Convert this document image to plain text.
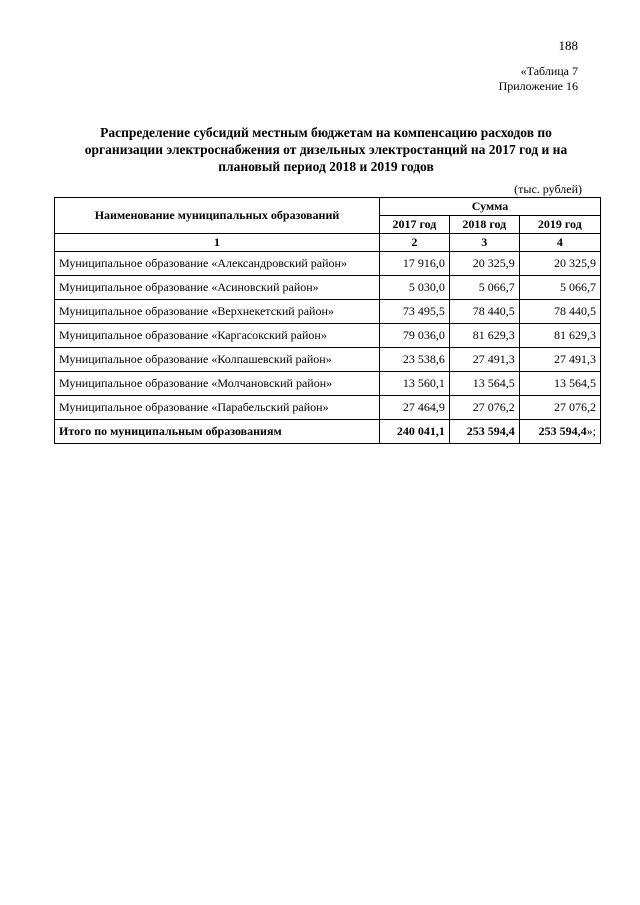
188
«Таблица 7
Приложение 16
Распределение субсидий местным бюджетам на компенсацию расходов по организации электроснабжения от дизельных электростанций на 2017 год и на плановый период 2018 и 2019 годов
(тыс. рублей)
Наименование муниципальных образований	Сумма		
	2017 год	2018 год	2019 год
1	2	3	4
Муниципальное образование «Александровский район»	17 916,0	20 325,9	20 325,9
Муниципальное образование «Асиновский район»	5 030,0	5 066,7	5 066,7
Муниципальное образование «Верхнекетский район»	73 495,5	78 440,5	78 440,5
Муниципальное образование «Каргасокский район»	79 036,0	81 629,3	81 629,3
Муниципальное образование «Колпашевский район»	23 538,6	27 491,3	27 491,3
Муниципальное образование «Молчановский район»	13 560,1	13 564,5	13 564,5
Муниципальное образование «Парабельский район»	27 464,9	27 076,2	27 076,2
Итого по муниципальным образованиям	240 041,1	253 594,4	253 594,4»;
